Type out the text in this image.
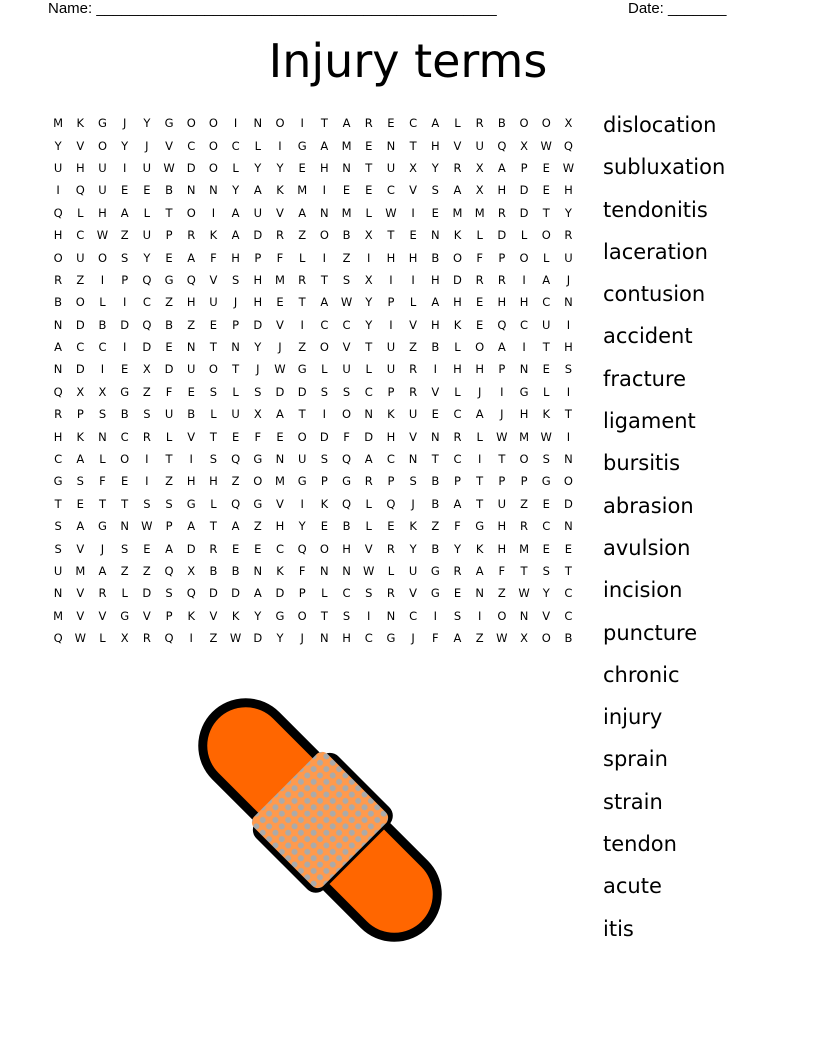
Name: ________________________________________________	Date: _______
Injury terms
M	K	G	J	Y	G	O	O	I	N	O	I	T	A	R	E	C	A	L	R	B	O	O	X
Y	V	O	Y	J	V	C	O	C	L	I	G	A	M	E	N	T	H	V	U	Q	X	W	Q
U	H	U	I	U	W	D	O	L	Y	Y	E	H	N	T	U	X	Y	R	X	A	P	E	W
I	Q	U	E	E	B	N	N	Y	A	K	M	I	E	E	C	V	S	A	X	H	D	E	H
Q	L	H	A	L	T	O	I	A	U	V	A	N	M	L	W	I	E	M	M	R	D	T	Y
H	C	W	Z	U	P	R	K	A	D	R	Z	O	B	X	T	E	N	K	L	D	L	O	R
O	U	O	S	Y	E	A	F	H	P	F	L	I	Z	I	H	H	B	O	F	P	O	L	U
R	Z	I	P	Q	G	Q	V	S	H	M	R	T	S	X	I	I	H	D	R	R	I	A	J
B	O	L	I	C	Z	H	U	J	H	E	T	A	W	Y	P	L	A	H	E	H	H	C	N
N	D	B	D	Q	B	Z	E	P	D	V	I	C	C	Y	I	V	H	K	E	Q	C	U	I
A	C	C	I	D	E	N	T	N	Y	J	Z	O	V	T	U	Z	B	L	O	A	I	T	H
N	D	I	E	X	D	U	O	T	J	W	G	L	U	L	U	R	I	H	H	P	N	E	S
Q	X	X	G	Z	F	E	S	L	S	D	D	S	S	C	P	R	V	L	J	I	G	L	I
R	P	S	B	S	U	B	L	U	X	A	T	I	O	N	K	U	E	C	A	J	H	K	T
H	K	N	C	R	L	V	T	E	F	E	O	D	F	D	H	V	N	R	L	W	M	W	I
C	A	L	O	I	T	I	S	Q	G	N	U	S	Q	A	C	N	T	C	I	T	O	S	N
G	S	F	E	I	Z	H	H	Z	O	M	G	P	G	R	P	S	B	P	T	P	P	G	O
T	E	T	T	S	S	G	L	Q	G	V	I	K	Q	L	Q	J	B	A	T	U	Z	E	D
S	A	G	N	W	P	A	T	A	Z	H	Y	E	B	L	E	K	Z	F	G	H	R	C	N
S	V	J	S	E	A	D	R	E	E	C	Q	O	H	V	R	Y	B	Y	K	H	M	E	E
U	M	A	Z	Z	Q	X	B	B	N	K	F	N	N	W	L	U	G	R	A	F	T	S	T
N	V	R	L	D	S	Q	D	D	A	D	P	L	C	S	R	V	G	E	N	Z	W	Y	C
M	V	V	G	V	P	K	V	K	Y	G	O	T	S	I	N	C	I	S	I	O	N	V	C
Q	W	L	X	R	Q	I	Z	W	D	Y	J	N	H	C	G	J	F	A	Z	W	X	O	B
dislocation
subluxation
tendonitis
laceration
contusion
accident
fracture
ligament
bursitis
abrasion
avulsion
incision
puncture
chronic
injury
sprain
strain
tendon
acute
itis
